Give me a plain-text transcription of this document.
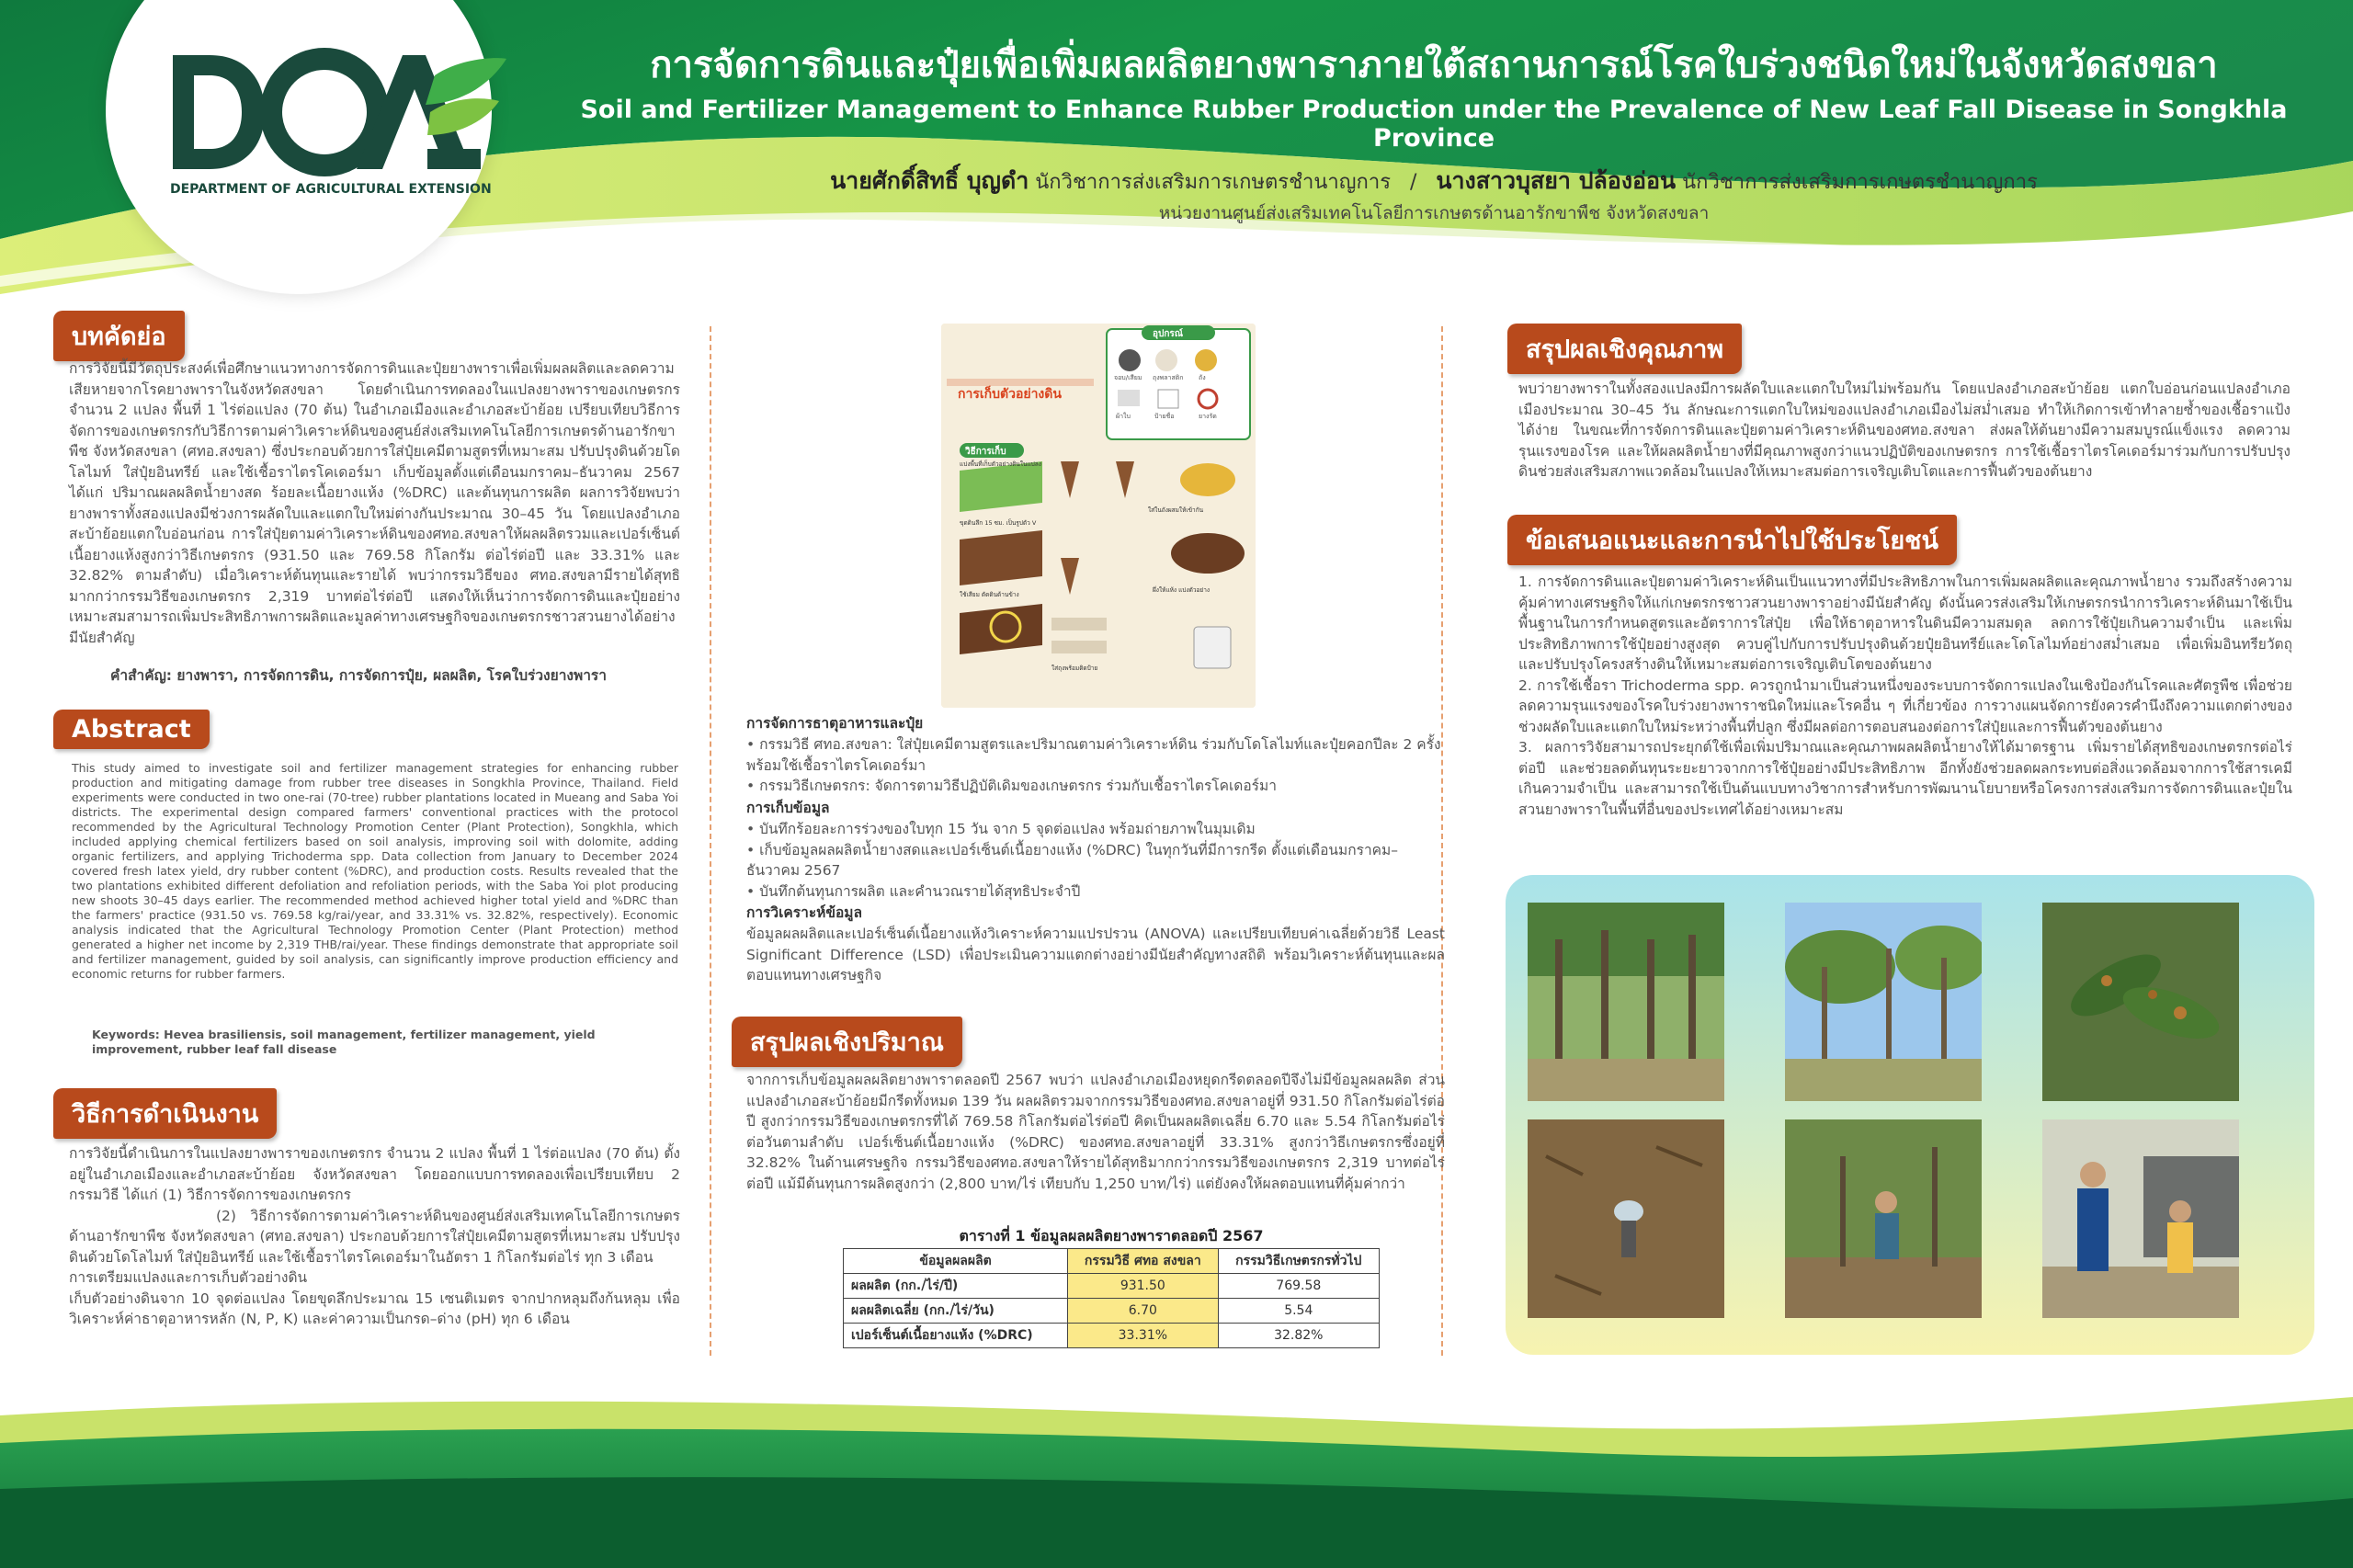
DEPARTMENT OF AGRICULTURAL EXTENSION
การจัดการดินและปุ๋ยเพื่อเพิ่มผลผลิตยางพาราภายใต้สถานการณ์โรคใบร่วงชนิดใหม่ในจังหวัดสงขลา
Soil and Fertilizer Management to Enhance Rubber Production under the Prevalence of New Leaf Fall Disease in Songkhla Province
นายศักดิ์สิทธิ์ บุญดำ นักวิชาการส่งเสริมการเกษตรชำนาญการ / นางสาวบุสยา ปล้องอ่อน นักวิชาการส่งเสริมการเกษตรชำนาญการ
หน่วยงานศูนย์ส่งเสริมเทคโนโลยีการเกษตรด้านอารักขาพืช จังหวัดสงขลา
บทคัดย่อ
การวิจัยนี้มีวัตถุประสงค์เพื่อศึกษาแนวทางการจัดการดินและปุ๋ยยางพาราเพื่อเพิ่มผลผลิตและลดความเสียหายจากโรคยางพาราในจังหวัดสงขลา โดยดำเนินการทดลองในแปลงยางพาราของเกษตรกร จำนวน 2 แปลง พื้นที่ 1 ไร่ต่อแปลง (70 ต้น) ในอำเภอเมืองและอำเภอสะบ้าย้อย เปรียบเทียบวิธีการจัดการของเกษตรกรกับวิธีการตามค่าวิเคราะห์ดินของศูนย์ส่งเสริมเทคโนโลยีการเกษตรด้านอารักขาพืช จังหวัดสงขลา (ศทอ.สงขลา) ซึ่งประกอบด้วยการใส่ปุ๋ยเคมีตามสูตรที่เหมาะสม ปรับปรุงดินด้วยโดโลไมท์ ใส่ปุ๋ยอินทรีย์ และใช้เชื้อราไตรโคเดอร์มา เก็บข้อมูลตั้งแต่เดือนมกราคม–ธันวาคม 2567 ได้แก่ ปริมาณผลผลิตน้ำยางสด ร้อยละเนื้อยางแห้ง (%DRC) และต้นทุนการผลิต ผลการวิจัยพบว่า ยางพาราทั้งสองแปลงมีช่วงการผลัดใบและแตกใบใหม่ต่างกันประมาณ 30–45 วัน โดยแปลงอำเภอสะบ้าย้อยแตกใบอ่อนก่อน การใส่ปุ๋ยตามค่าวิเคราะห์ดินของศทอ.สงขลาให้ผลผลิตรวมและเปอร์เซ็นต์เนื้อยางแห้งสูงกว่าวิธีเกษตรกร (931.50 และ 769.58 กิโลกรัม ต่อไร่ต่อปี และ 33.31% และ 32.82% ตามลำดับ) เมื่อวิเคราะห์ต้นทุนและรายได้ พบว่ากรรมวิธีของ ศทอ.สงขลามีรายได้สุทธิมากกว่ากรรมวิธีของเกษตรกร 2,319 บาทต่อไร่ต่อปี แสดงให้เห็นว่าการจัดการดินและปุ๋ยอย่างเหมาะสมสามารถเพิ่มประสิทธิภาพการผลิตและมูลค่าทางเศรษฐกิจของเกษตรกรชาวสวนยางได้อย่างมีนัยสำคัญ
คำสำคัญ: ยางพารา, การจัดการดิน, การจัดการปุ๋ย, ผลผลิต, โรคใบร่วงยางพารา
Abstract
This study aimed to investigate soil and fertilizer management strategies for enhancing rubber production and mitigating damage from rubber tree diseases in Songkhla Province, Thailand. Field experiments were conducted in two one-rai (70-tree) rubber plantations located in Mueang and Saba Yoi districts. The experimental design compared farmers' conventional practices with the protocol recommended by the Agricultural Technology Promotion Center (Plant Protection), Songkhla, which included applying chemical fertilizers based on soil analysis, improving soil with dolomite, adding organic fertilizers, and applying Trichoderma spp. Data collection from January to December 2024 covered fresh latex yield, dry rubber content (%DRC), and production costs. Results revealed that the two plantations exhibited different defoliation and refoliation periods, with the Saba Yoi plot producing new shoots 30–45 days earlier. The recommended method achieved higher total yield and %DRC than the farmers' practice (931.50 vs. 769.58 kg/rai/year, and 33.31% vs. 32.82%, respectively). Economic analysis indicated that the Agricultural Technology Promotion Center (Plant Protection) method generated a higher net income by 2,319 THB/rai/year. These findings demonstrate that appropriate soil and fertilizer management, guided by soil analysis, can significantly improve production efficiency and economic returns for rubber farmers.
Keywords: Hevea brasiliensis, soil management, fertilizer management, yield improvement, rubber leaf fall disease
วิธีการดำเนินงาน
การวิจัยนี้ดำเนินการในแปลงยางพาราของเกษตรกร จำนวน 2 แปลง พื้นที่ 1 ไร่ต่อแปลง (70 ต้น) ตั้งอยู่ในอำเภอเมืองและอำเภอสะบ้าย้อย จังหวัดสงขลา โดยออกแบบการทดลองเพื่อเปรียบเทียบ 2 กรรมวิธี ได้แก่ (1) วิธีการจัดการของเกษตรกร
(2) วิธีการจัดการตามค่าวิเคราะห์ดินของศูนย์ส่งเสริมเทคโนโลยีการเกษตรด้านอารักขาพืช จังหวัดสงขลา (ศทอ.สงขลา) ประกอบด้วยการใส่ปุ๋ยเคมีตามสูตรที่เหมาะสม ปรับปรุงดินด้วยโดโลไมท์ ใส่ปุ๋ยอินทรีย์ และใช้เชื้อราไตรโคเดอร์มาในอัตรา 1 กิโลกรัมต่อไร่ ทุก 3 เดือน
การเตรียมแปลงและการเก็บตัวอย่างดิน
เก็บตัวอย่างดินจาก 10 จุดต่อแปลง โดยขุดลึกประมาณ 15 เซนติเมตร จากปากหลุมถึงก้นหลุม เพื่อวิเคราะห์ค่าธาตุอาหารหลัก (N, P, K) และค่าความเป็นกรด–ด่าง (pH) ทุก 6 เดือน
การเก็บตัวอย่างดิน
อุปกรณ์
วิธีการเก็บ
จอบ/เสียม ถุงพลาสติก ถัง
ผ้าใบ	ป้ายชื่อ	ยางรัด
แบ่งพื้นที่เก็บตัวอย่างดินในแปลง
ขุดดินลึก 15 ซม. เป็นรูปตัว V
ใช้เสียม ตัดดินด้านข้าง
ใส่ในถังผสมให้เข้ากัน
ผึ่งให้แห้ง แบ่งตัวอย่าง
ใส่ถุงพร้อมติดป้าย
การจัดการธาตุอาหารและปุ๋ย
• กรรมวิธี ศทอ.สงขลา: ใส่ปุ๋ยเคมีตามสูตรและปริมาณตามค่าวิเคราะห์ดิน ร่วมกับโดโลไมท์และปุ๋ยคอกปีละ 2 ครั้ง พร้อมใช้เชื้อราไตรโคเดอร์มา
• กรรมวิธีเกษตรกร: จัดการตามวิธีปฏิบัติเดิมของเกษตรกร ร่วมกับเชื้อราไตรโคเดอร์มา
การเก็บข้อมูล
• บันทึกร้อยละการร่วงของใบทุก 15 วัน จาก 5 จุดต่อแปลง พร้อมถ่ายภาพในมุมเดิม
• เก็บข้อมูลผลผลิตน้ำยางสดและเปอร์เซ็นต์เนื้อยางแห้ง (%DRC) ในทุกวันที่มีการกรีด ตั้งแต่เดือนมกราคม–ธันวาคม 2567
• บันทึกต้นทุนการผลิต และคำนวณรายได้สุทธิประจำปี
การวิเคราะห์ข้อมูล
ข้อมูลผลผลิตและเปอร์เซ็นต์เนื้อยางแห้งวิเคราะห์ความแปรปรวน (ANOVA) และเปรียบเทียบค่าเฉลี่ยด้วยวิธี Least Significant Difference (LSD) เพื่อประเมินความแตกต่างอย่างมีนัยสำคัญทางสถิติ พร้อมวิเคราะห์ต้นทุนและผลตอบแทนทางเศรษฐกิจ
สรุปผลเชิงปริมาณ
จากการเก็บข้อมูลผลผลิตยางพาราตลอดปี 2567 พบว่า แปลงอำเภอเมืองหยุดกรีดตลอดปีจึงไม่มีข้อมูลผลผลิต ส่วนแปลงอำเภอสะบ้าย้อยมีกรีดทั้งหมด 139 วัน ผลผลิตรวมจากกรรมวิธีของศทอ.สงขลาอยู่ที่ 931.50 กิโลกรัมต่อไร่ต่อปี สูงกว่ากรรมวิธีของเกษตรกรที่ได้ 769.58 กิโลกรัมต่อไร่ต่อปี คิดเป็นผลผลิตเฉลี่ย 6.70 และ 5.54 กิโลกรัมต่อไร่ต่อวันตามลำดับ เปอร์เซ็นต์เนื้อยางแห้ง (%DRC) ของศทอ.สงขลาอยู่ที่ 33.31% สูงกว่าวิธีเกษตรกรซึ่งอยู่ที่ 32.82% ในด้านเศรษฐกิจ กรรมวิธีของศทอ.สงขลาให้รายได้สุทธิมากกว่ากรรมวิธีของเกษตรกร 2,319 บาทต่อไร่ต่อปี แม้มีต้นทุนการผลิตสูงกว่า (2,800 บาท/ไร่ เทียบกับ 1,250 บาท/ไร่) แต่ยังคงให้ผลตอบแทนที่คุ้มค่ากว่า
ตารางที่ 1 ข้อมูลผลผลิตยางพาราตลอดปี 2567
ข้อมูลผลผลิต	กรรมวิธี ศทอ สงขลา	กรรมวิธีเกษตรกรทั่วไป
ผลผลิต (กก./ไร่/ปี)	931.50	769.58
ผลผลิตเฉลี่ย (กก./ไร่/วัน)	6.70	5.54
เปอร์เซ็นต์เนื้อยางแห้ง (%DRC)	33.31%	32.82%
สรุปผลเชิงคุณภาพ
พบว่ายางพาราในทั้งสองแปลงมีการผลัดใบและแตกใบใหม่ไม่พร้อมกัน โดยแปลงอำเภอสะบ้าย้อย แตกใบอ่อนก่อนแปลงอำเภอเมืองประมาณ 30–45 วัน ลักษณะการแตกใบใหม่ของแปลงอำเภอเมืองไม่สม่ำเสมอ ทำให้เกิดการเข้าทำลายซ้ำของเชื้อราแป้งได้ง่าย ในขณะที่การจัดการดินและปุ๋ยตามค่าวิเคราะห์ดินของศทอ.สงขลา ส่งผลให้ต้นยางมีความสมบูรณ์แข็งแรง ลดความรุนแรงของโรค และให้ผลผลิตน้ำยางที่มีคุณภาพสูงกว่าแนวปฏิบัติของเกษตรกร การใช้เชื้อราไตรโคเดอร์มาร่วมกับการปรับปรุงดินช่วยส่งเสริมสภาพแวดล้อมในแปลงให้เหมาะสมต่อการเจริญเติบโตและการฟื้นตัวของต้นยาง
ข้อเสนอแนะและการนำไปใช้ประโยชน์
1. การจัดการดินและปุ๋ยตามค่าวิเคราะห์ดินเป็นแนวทางที่มีประสิทธิภาพในการเพิ่มผลผลิตและคุณภาพน้ำยาง รวมถึงสร้างความคุ้มค่าทางเศรษฐกิจให้แก่เกษตรกรชาวสวนยางพาราอย่างมีนัยสำคัญ ดังนั้นควรส่งเสริมให้เกษตรกรนำการวิเคราะห์ดินมาใช้เป็นพื้นฐานในการกำหนดสูตรและอัตราการใส่ปุ๋ย เพื่อให้ธาตุอาหารในดินมีความสมดุล ลดการใช้ปุ๋ยเกินความจำเป็น และเพิ่มประสิทธิภาพการใช้ปุ๋ยอย่างสูงสุด ควบคู่ไปกับการปรับปรุงดินด้วยปุ๋ยอินทรีย์และโดโลไมท์อย่างสม่ำเสมอ เพื่อเพิ่มอินทรียวัตถุและปรับปรุงโครงสร้างดินให้เหมาะสมต่อการเจริญเติบโตของต้นยาง
2. การใช้เชื้อรา Trichoderma spp. ควรถูกนำมาเป็นส่วนหนึ่งของระบบการจัดการแปลงในเชิงป้องกันโรคและศัตรูพืช เพื่อช่วยลดความรุนแรงของโรคใบร่วงยางพาราชนิดใหม่และโรคอื่น ๆ ที่เกี่ยวข้อง การวางแผนจัดการยังควรคำนึงถึงความแตกต่างของช่วงผลัดใบและแตกใบใหม่ระหว่างพื้นที่ปลูก ซึ่งมีผลต่อการตอบสนองต่อการใส่ปุ๋ยและการฟื้นตัวของต้นยาง
3. ผลการวิจัยสามารถประยุกต์ใช้เพื่อเพิ่มปริมาณและคุณภาพผลผลิตน้ำยางให้ได้มาตรฐาน เพิ่มรายได้สุทธิของเกษตรกรต่อไร่ต่อปี และช่วยลดต้นทุนระยะยาวจากการใช้ปุ๋ยอย่างมีประสิทธิภาพ อีกทั้งยังช่วยลดผลกระทบต่อสิ่งแวดล้อมจากการใช้สารเคมีเกินความจำเป็น และสามารถใช้เป็นต้นแบบทางวิชาการสำหรับการพัฒนานโยบายหรือโครงการส่งเสริมการจัดการดินและปุ๋ยในสวนยางพาราในพื้นที่อื่นของประเทศได้อย่างเหมาะสม
